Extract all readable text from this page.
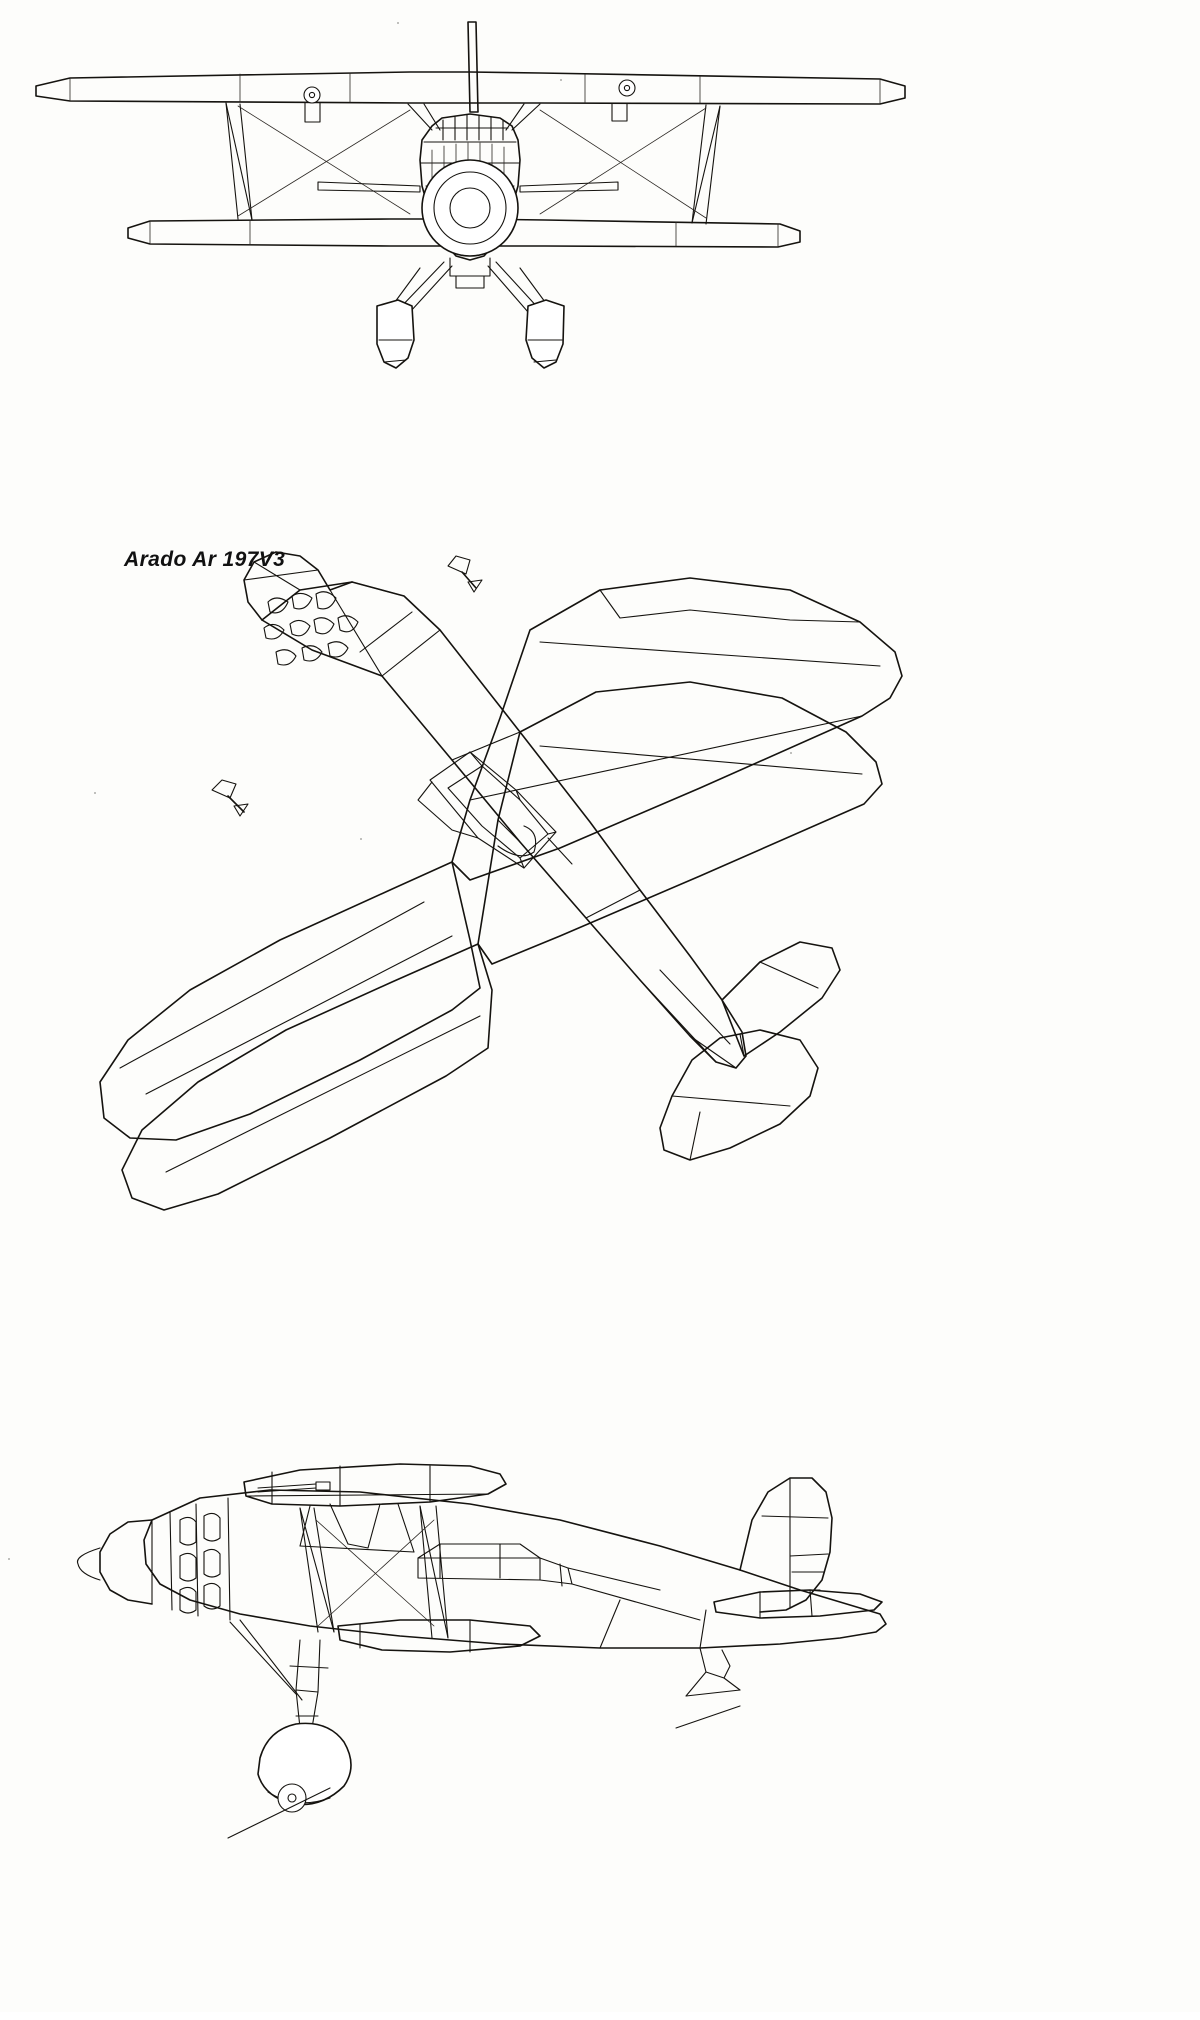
Arado Ar 197V3
